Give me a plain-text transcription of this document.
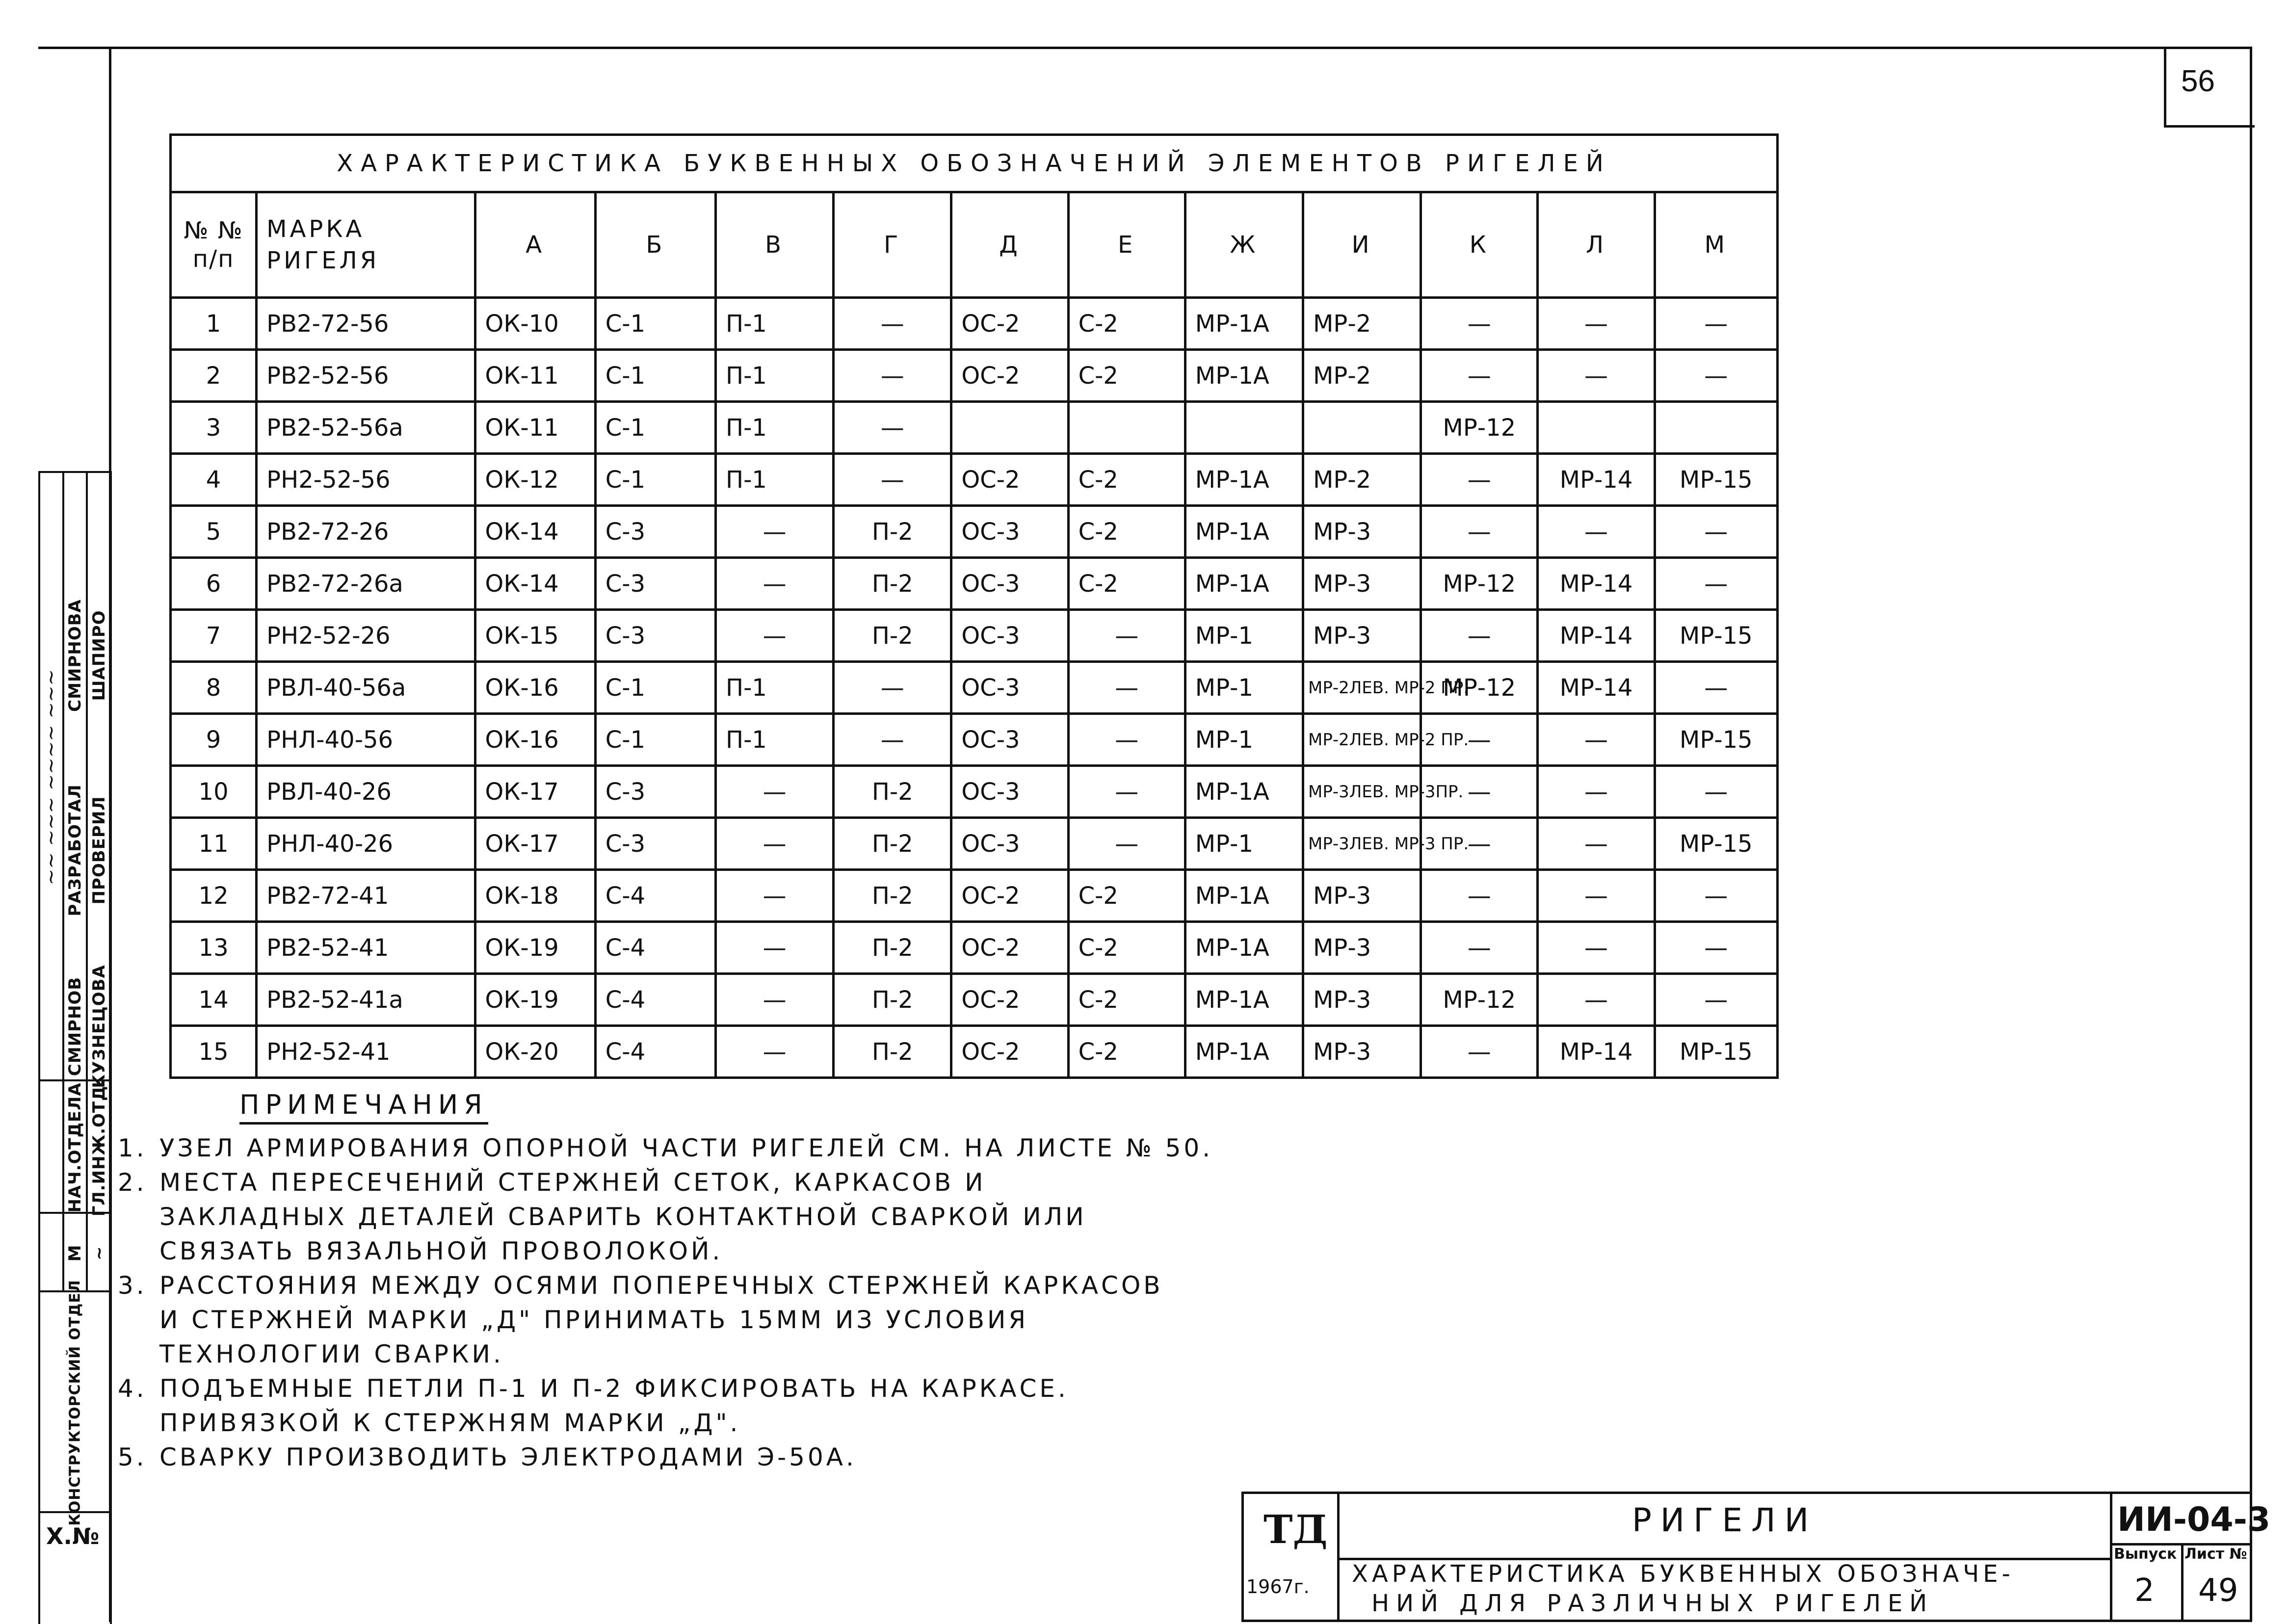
56
~~ ~~~ ~~~~ ~~~
СМИРНОВА
РАЗРАБОТАЛ
СМИРНОВ
ШАПИРО
ПРОВЕРИЛ
КУЗНЕЦОВА
НАЧ.ОТДЕЛА ГЛ.ИНЖ.ОТД.
М ~
КОНСТРУКТОРСКИЙ ОТДЕЛ
Х.№
ХАРАКТЕРИСТИКА БУКВЕННЫХ ОБОЗНАЧЕНИЙ ЭЛЕМЕНТОВ РИГЕЛЕЙ												
№ № п/п	МАРКА РИГЕЛЯ	А	Б	В	Г	Д	Е	Ж	И	К	Л	М
1	РВ2-72-56	ОК-10	С-1	П-1	—	ОС-2	С-2	МР-1А	МР-2	—	—	—
2	РВ2-52-56	ОК-11	С-1	П-1	—	ОС-2	С-2	МР-1А	МР-2	—	—	—
3	РВ2-52-56а	ОК-11	С-1	П-1	—					МР-12		
4	РН2-52-56	ОК-12	С-1	П-1	—	ОС-2	С-2	МР-1А	МР-2	—	МР-14	МР-15
5	РВ2-72-26	ОК-14	С-3	—	П-2	ОС-3	С-2	МР-1А	МР-3	—	—	—
6	РВ2-72-26а	ОК-14	С-3	—	П-2	ОС-3	С-2	МР-1А	МР-3	МР-12	МР-14	—
7	РН2-52-26	ОК-15	С-3	—	П-2	ОС-3	—	МР-1	МР-3	—	МР-14	МР-15
8	РВЛ-40-56а	ОК-16	С-1	П-1	—	ОС-3	—	МР-1	МР-2ЛЕВ. МР-2 ПР.	МР-12	МР-14	—
9	РНЛ-40-56	ОК-16	С-1	П-1	—	ОС-3	—	МР-1	МР-2ЛЕВ. МР-2 ПР.	—	—	МР-15
10	РВЛ-40-26	ОК-17	С-3	—	П-2	ОС-3	—	МР-1А	МР-3ЛЕВ. МР-3ПР.	—	—	—
11	РНЛ-40-26	ОК-17	С-3	—	П-2	ОС-3	—	МР-1	МР-3ЛЕВ. МР-3 ПР.	—	—	МР-15
12	РВ2-72-41	ОК-18	С-4	—	П-2	ОС-2	С-2	МР-1А	МР-3	—	—	—
13	РВ2-52-41	ОК-19	С-4	—	П-2	ОС-2	С-2	МР-1А	МР-3	—	—	—
14	РВ2-52-41а	ОК-19	С-4	—	П-2	ОС-2	С-2	МР-1А	МР-3	МР-12	—	—
15	РН2-52-41	ОК-20	С-4	—	П-2	ОС-2	С-2	МР-1А	МР-3	—	МР-14	МР-15
ПРИМЕЧАНИЯ
1. УЗЕЛ АРМИРОВАНИЯ ОПОРНОЙ ЧАСТИ РИГЕЛЕЙ СМ. НА ЛИСТЕ № 50.
2. МЕСТА ПЕРЕСЕЧЕНИЙ СТЕРЖНЕЙ СЕТОК, КАРКАСОВ И
ЗАКЛАДНЫХ ДЕТАЛЕЙ СВАРИТЬ КОНТАКТНОЙ СВАРКОЙ ИЛИ
СВЯЗАТЬ ВЯЗАЛЬНОЙ ПРОВОЛОКОЙ.
3. РАССТОЯНИЯ МЕЖДУ ОСЯМИ ПОПЕРЕЧНЫХ СТЕРЖНЕЙ КАРКАСОВ
И СТЕРЖНЕЙ МАРКИ „Д" ПРИНИМАТЬ 15ММ ИЗ УСЛОВИЯ
ТЕХНОЛОГИИ СВАРКИ.
4. ПОДЪЕМНЫЕ ПЕТЛИ П-1 И П-2 ФИКСИРОВАТЬ НА КАРКАСЕ.
ПРИВЯЗКОЙ К СТЕРЖНЯМ МАРКИ „Д".
5. СВАРКУ ПРОИЗВОДИТЬ ЭЛЕКТРОДАМИ Э-50А.
ТД
1967г.
РИГЕЛИ
ХАРАКТЕРИСТИКА БУКВЕННЫХ ОБОЗНАЧЕ-
НИЙ ДЛЯ РАЗЛИЧНЫХ РИГЕЛЕЙ
ИИ-04-3
Выпуск
2
Лист №
49
